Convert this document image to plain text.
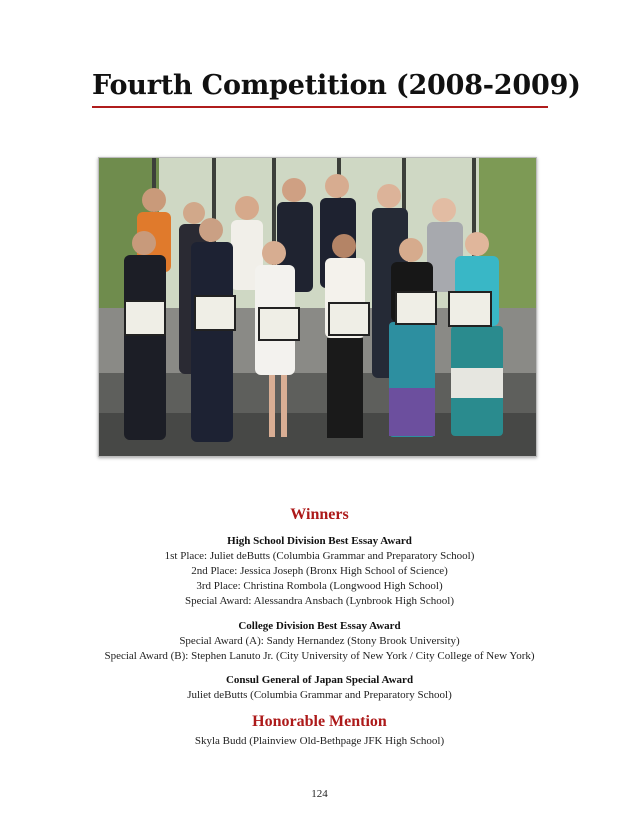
Fourth Competition (2008-2009)
Winners
High School Division Best Essay Award
1st Place: Juliet deButts (Columbia Grammar and Preparatory School)
2nd Place: Jessica Joseph (Bronx High School of Science)
3rd Place: Christina Rombola (Longwood High School)
Special Award: Alessandra Ansbach (Lynbrook High School)
College Division Best Essay Award
Special Award (A): Sandy Hernandez (Stony Brook University)
Special Award (B): Stephen Lanuto Jr. (City University of New York / City College of New York)
Consul General of Japan Special Award
Juliet deButts (Columbia Grammar and Preparatory School)
Honorable Mention
Skyla Budd (Plainview Old-Bethpage JFK High School)
124
